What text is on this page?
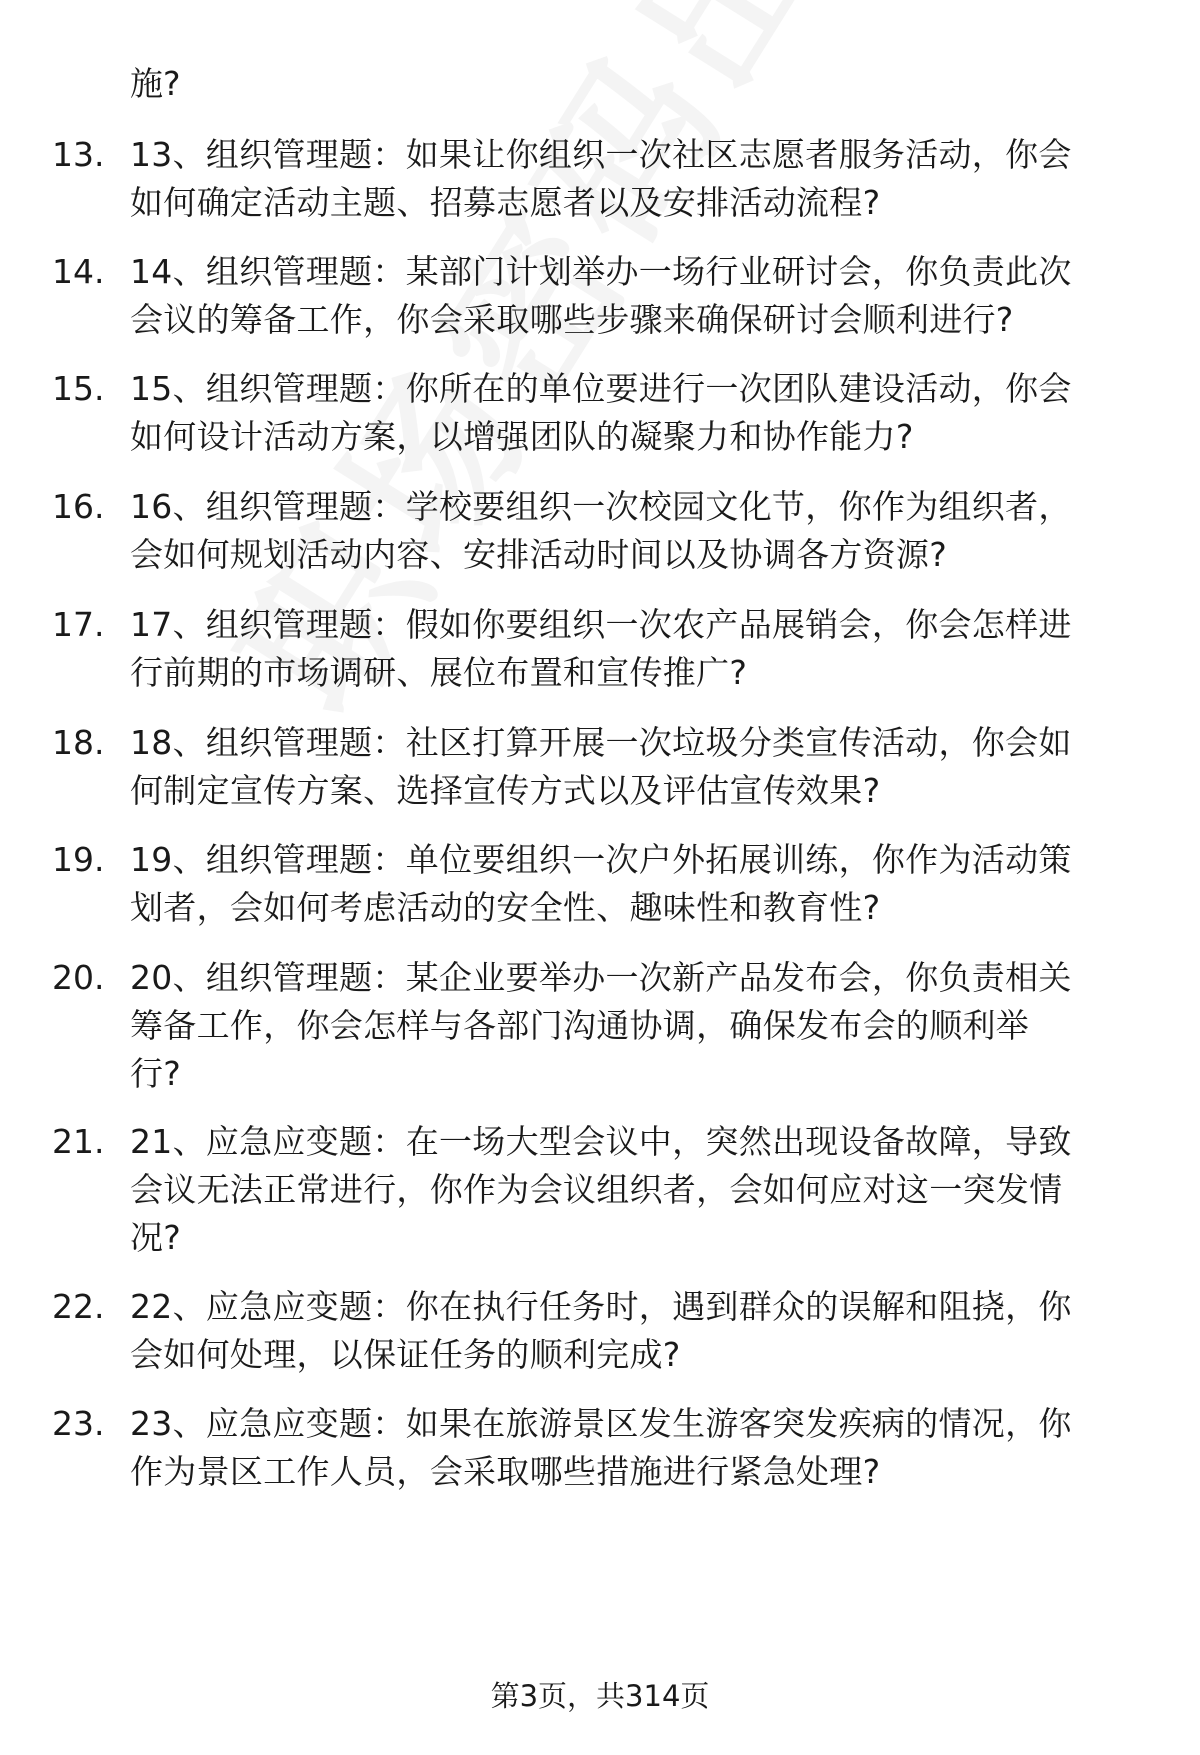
施?
13. 13、组织管理题：如果让你组织一次社区志愿者服务活动，你会
如何确定活动主题、招募志愿者以及安排活动流程?
14. 14、组织管理题：某部门计划举办一场行业研讨会，你负责此次
会议的筹备工作，你会采取哪些步骤来确保研讨会顺利进行?
15. 15、组织管理题：你所在的单位要进行一次团队建设活动，你会
如何设计活动方案，以增强团队的凝聚力和协作能力?
16. 16、组织管理题：学校要组织一次校园文化节，你作为组织者，
会如何规划活动内容、安排活动时间以及协调各方资源?
17. 17、组织管理题：假如你要组织一次农产品展销会，你会怎样进
行前期的市场调研、展位布置和宣传推广?
18. 18、组织管理题：社区打算开展一次垃圾分类宣传活动，你会如
何制定宣传方案、选择宣传方式以及评估宣传效果?
19. 19、组织管理题：单位要组织一次户外拓展训练，你作为活动策
划者，会如何考虑活动的安全性、趣味性和教育性?
20. 20、组织管理题：某企业要举办一次新产品发布会，你负责相关
筹备工作，你会怎样与各部门沟通协调，确保发布会的顺利举
行?
21. 21、应急应变题：在一场大型会议中，突然出现设备故障，导致
会议无法正常进行，你作为会议组织者，会如何应对这一突发情
况?
22. 22、应急应变题：你在执行任务时，遇到群众的误解和阻挠，你
会如何处理，以保证任务的顺利完成?
23. 23、应急应变题：如果在旅游景区发生游客突发疾病的情况，你
作为景区工作人员，会采取哪些措施进行紧急处理?
第3页，共314页
